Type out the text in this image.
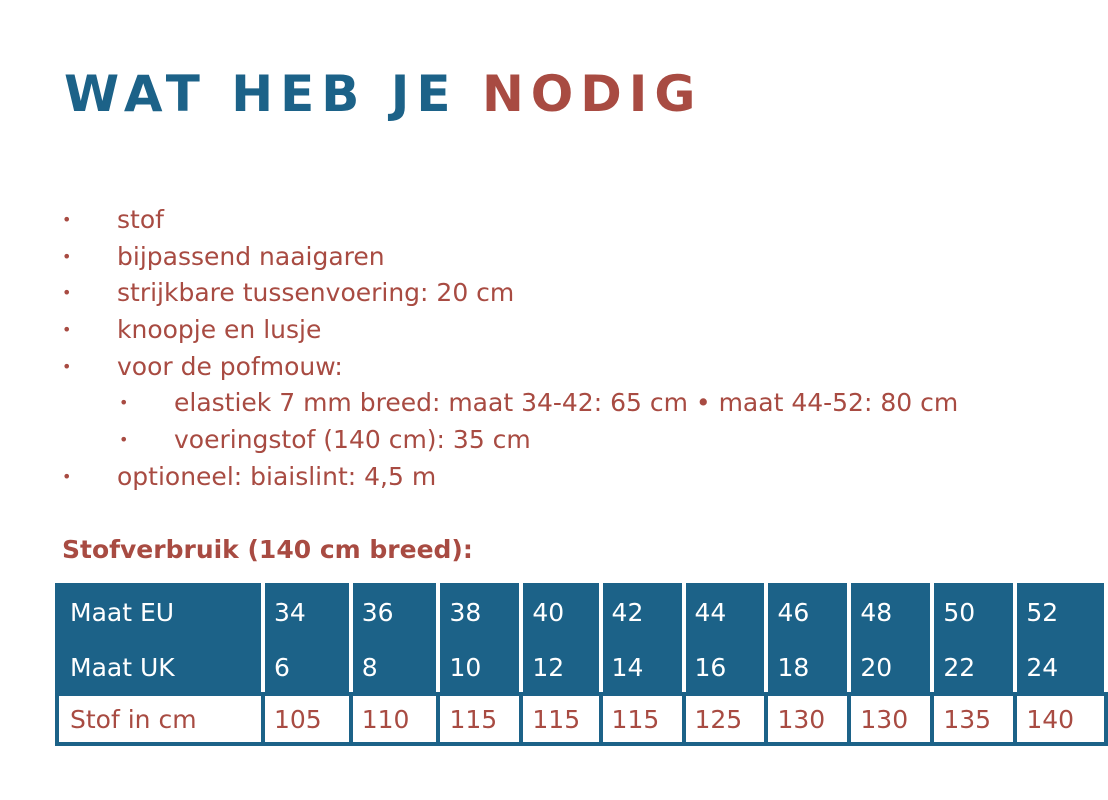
WAT HEB JE NODIG
• stof
• bijpassend naaigaren
• strijkbare tussenvoering: 20 cm
• knoopje en lusje
• voor de pofmouw:
• elastiek 7 mm breed: maat 34-42: 65 cm • maat 44-52: 80 cm
• voeringstof (140 cm): 35 cm
• optioneel: biaislint: 4,5 m
Stofverbruik (140 cm breed):
Maat EU	34	36	38	40	42	44	46	48	50	52
Maat UK	6	8	10	12	14	16	18	20	22	24
Stof in cm	105	110	115	115	115	125	130	130	135	140
